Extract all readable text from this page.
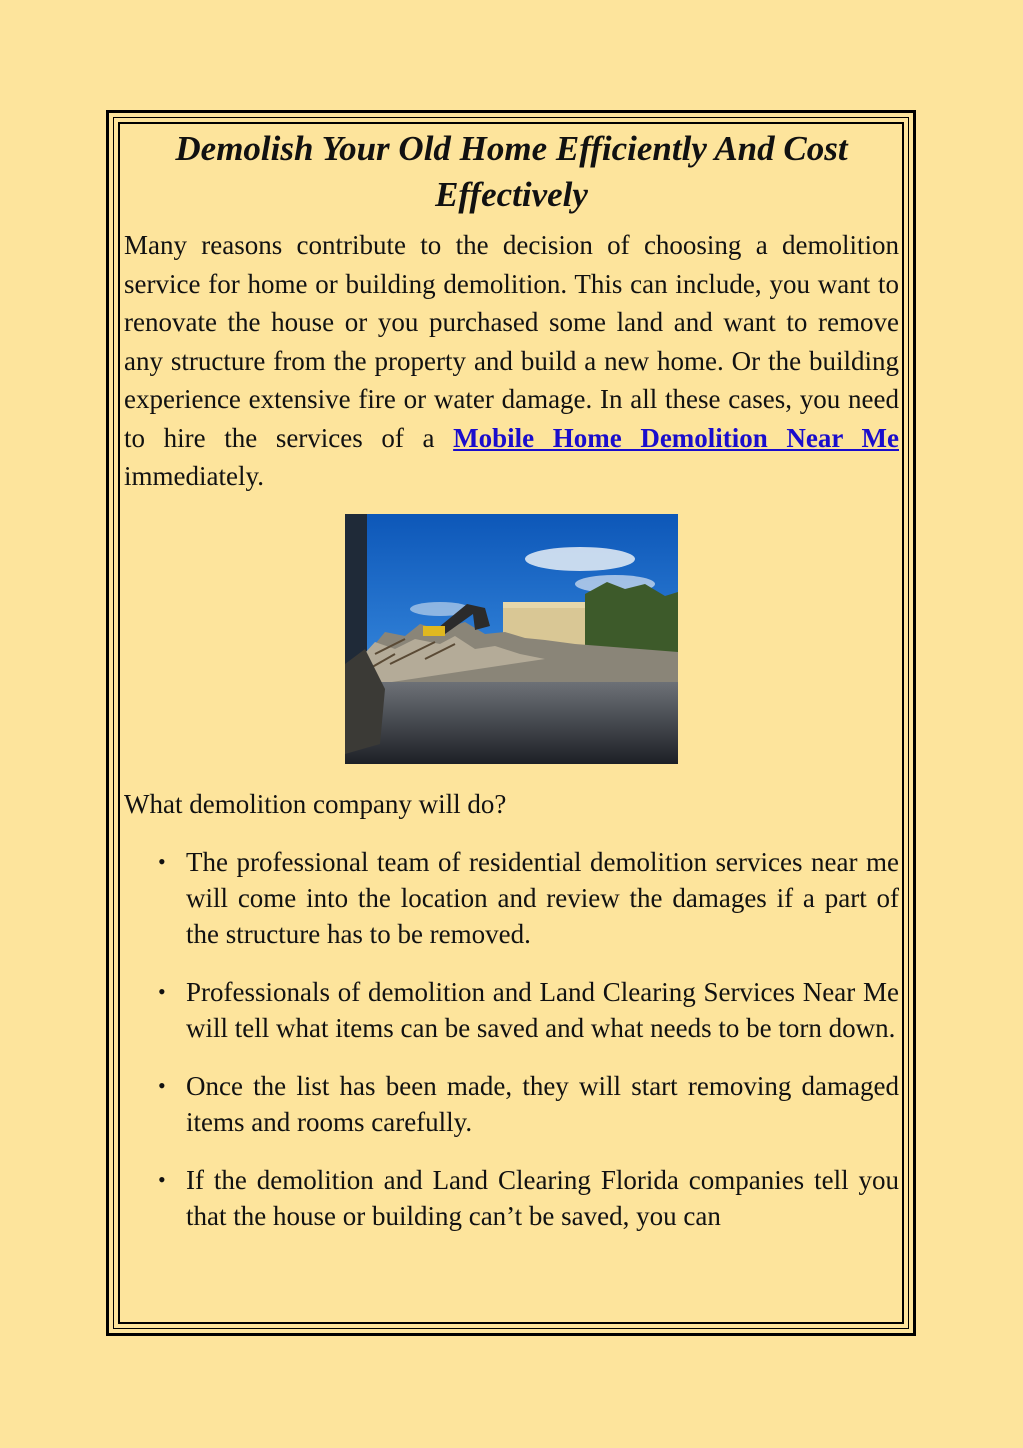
Demolish Your Old Home Efficiently And Cost Effectively

Many reasons contribute to the decision of choosing a demolition service for home or building demolition. This can include, you want to renovate the house or you purchased some land and want to remove any structure from the property and build a new home. Or the building experience extensive fire or water damage. In all these cases, you need to hire the services of a Mobile Home Demolition Near Me immediately.

What demolition company will do?

• The professional team of residential demolition services near me will come into the location and review the damages if a part of the structure has to be removed.
• Professionals of demolition and Land Clearing Services Near Me will tell what items can be saved and what needs to be torn down.
• Once the list has been made, they will start removing damaged items and rooms carefully.
• If the demolition and Land Clearing Florida companies tell you that the house or building can’t be saved, you can
